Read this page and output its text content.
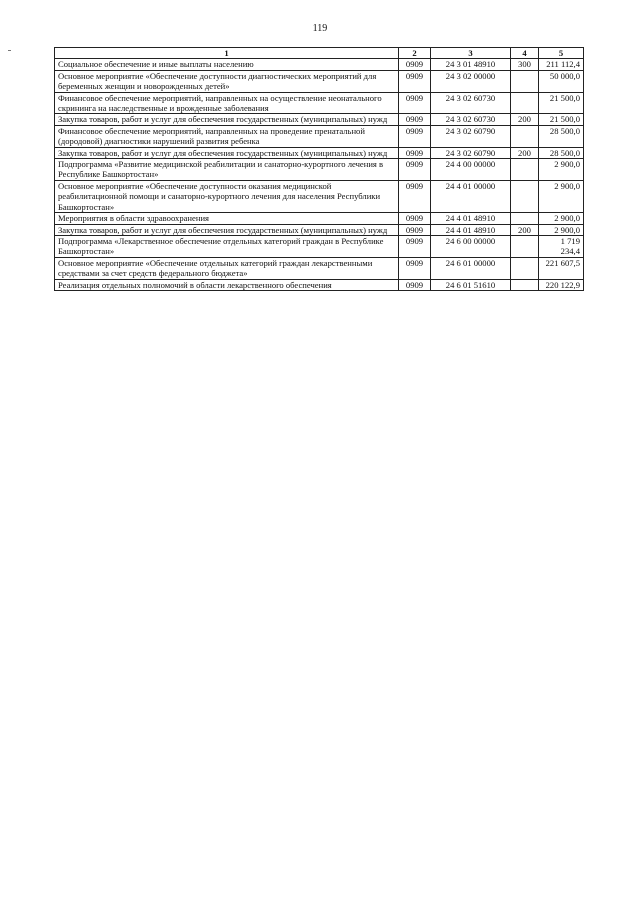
119
1	2	3	4	5
Социальное обеспечение и иные выплаты населению	0909	24 3 01 48910	300	211 112,4
Основное мероприятие «Обеспечение доступности диагностических мероприятий для беременных женщин и новорожденных детей»	0909	24 3 02 00000		50 000,0
Финансовое обеспечение мероприятий, направленных на осуществление неонатального скрининга на наследственные и врожденные заболевания	0909	24 3 02 60730		21 500,0
Закупка товаров, работ и услуг для обеспечения государственных (муниципальных) нужд	0909	24 3 02 60730	200	21 500,0
Финансовое обеспечение мероприятий, направленных на проведение пренатальной (дородовой) диагностики нарушений развития ребенка	0909	24 3 02 60790		28 500,0
Закупка товаров, работ и услуг для обеспечения государственных (муниципальных) нужд	0909	24 3 02 60790	200	28 500,0
Подпрограмма «Развитие медицинской реабилитации и санаторно-курортного лечения в Республике Башкортостан»	0909	24 4 00 00000		2 900,0
Основное мероприятие «Обеспечение доступности оказания медицинской реабилитационной помощи и санаторно-курортного лечения для населения Республики Башкортостан»	0909	24 4 01 00000		2 900,0
Мероприятия в области здравоохранения	0909	24 4 01 48910		2 900,0
Закупка товаров, работ и услуг для обеспечения государственных (муниципальных) нужд	0909	24 4 01 48910	200	2 900,0
Подпрограмма «Лекарственное обеспечение отдельных категорий граждан в Республике Башкортостан»	0909	24 6 00 00000		1 719 234,4
Основное мероприятие «Обеспечение отдельных категорий граждан лекарственными средствами за счет средств федерального бюджета»	0909	24 6 01 00000		221 607,5
Реализация отдельных полномочий в области лекарственного обеспечения	0909	24 6 01 51610		220 122,9
